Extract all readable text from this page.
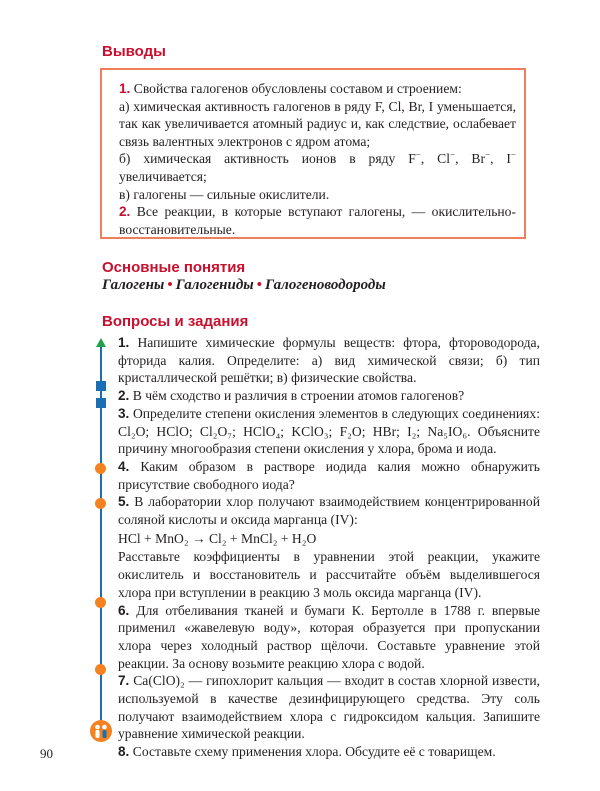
Выводы

1. Свойства галогенов обусловлены составом и строением:

а) химическая активность галогенов в ряду F, Cl, Br, I уменьшается, так как увеличивается атомный радиус и, как следствие, ослабевает связь валентных электронов с ядром атома;

б) химическая активность ионов в ряду F−, Cl−, Br−, I− увеличивается;

в) галогены — сильные окислители.

2. Все реакции, в которые вступают галогены, — окислительно-восстановительные.

Основные понятия

Галогены • Галогениды • Галогеноводороды

Вопросы и задания

1. Напишите химические формулы веществ: фтора, фтороводорода, фторида калия. Определите: а) вид химической связи; б) тип кристаллической решётки; в) физические свойства.

2. В чём сходство и различия в строении атомов галогенов?

3. Определите степени окисления элементов в следующих соединениях: Cl₂O; HClO; Cl₂O₇; HClO₄; KClO₃; F₂O; HBr; I₂; Na₅IO₆. Объясните причину многообразия степени окисления у хлора, брома и иода.

4. Каким образом в растворе иодида калия можно обнаружить присутствие свободного иода?

5. В лаборатории хлор получают взаимодействием концентрированной соляной кислоты и оксида марганца (IV):

HCl + MnO₂ → Cl₂ + MnCl₂ + H₂O

Расставьте коэффициенты в уравнении этой реакции, укажите окислитель и восстановитель и рассчитайте объём выделившегося хлора при вступлении в реакцию 3 моль оксида марганца (IV).

6. Для отбеливания тканей и бумаги К. Бертолле в 1788 г. впервые применил «жавелевую воду», которая образуется при пропускании хлора через холодный раствор щёлочи. Составьте уравнение этой реакции. За основу возьмите реакцию хлора с водой.

7. Ca(ClO)₂ — гипохлорит кальция — входит в состав хлорной извести, используемой в качестве дезинфицирующего средства. Эту соль получают взаимодействием хлора с гидроксидом кальция. Запишите уравнение химической реакции.

8. Составьте схему применения хлора. Обсудите её с товарищем.

90
